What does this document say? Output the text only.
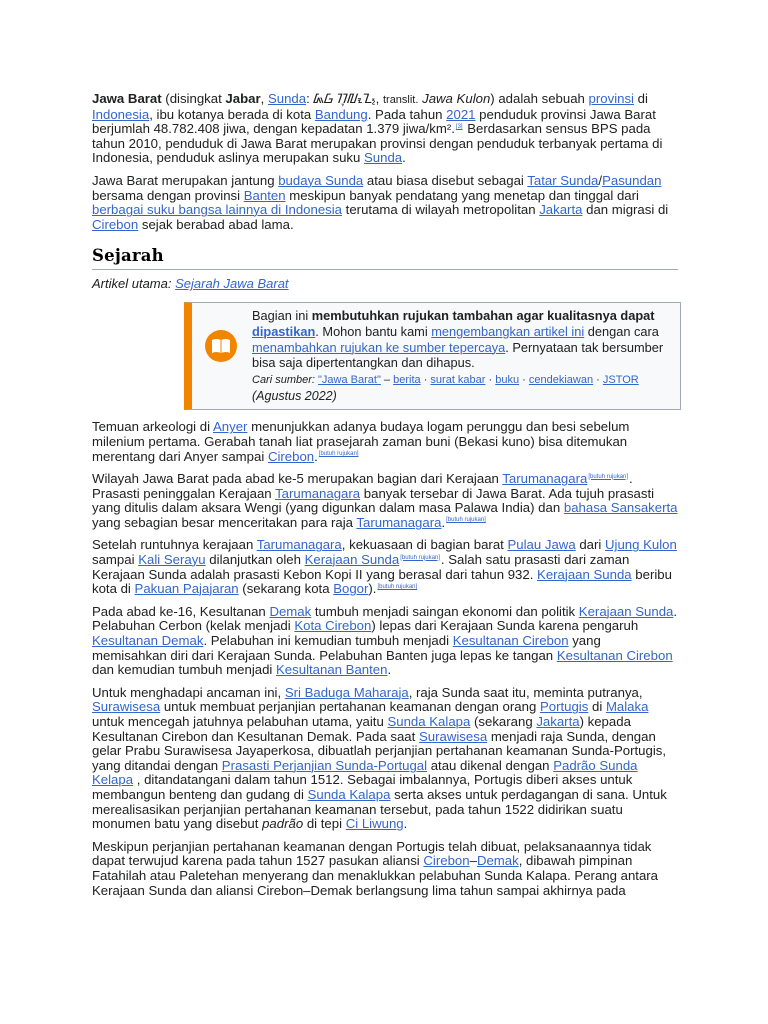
Jawa Barat (disingkat Jabar, Sunda: ᮏᮝ ᮊᮥᮜᮧᮔ᮪, translit. Jawa Kulon) adalah sebuah provinsi di Indonesia, ibu kotanya berada di kota Bandung. Pada tahun 2021 penduduk provinsi Jawa Barat berjumlah 48.782.408 jiwa, dengan kepadatan 1.379 jiwa/km².[3] Berdasarkan sensus BPS pada tahun 2010, penduduk di Jawa Barat merupakan provinsi dengan penduduk terbanyak pertama di Indonesia, penduduk aslinya merupakan suku Sunda.

Jawa Barat merupakan jantung budaya Sunda atau biasa disebut sebagai Tatar Sunda/Pasundan bersama dengan provinsi Banten meskipun banyak pendatang yang menetap dan tinggal dari berbagai suku bangsa lainnya di Indonesia terutama di wilayah metropolitan Jakarta dan migrasi di Cirebon sejak berabad abad lama.

Sejarah
Artikel utama: Sejarah Jawa Barat
Bagian ini membutuhkan rujukan tambahan agar kualitasnya dapat dipastikan. Mohon bantu kami mengembangkan artikel ini dengan cara menambahkan rujukan ke sumber tepercaya. Pernyataan tak bersumber bisa saja dipertentangkan dan dihapus.
Cari sumber: "Jawa Barat" – berita · surat kabar · buku · cendekiawan · JSTOR (Agustus 2022)

Temuan arkeologi di Anyer menunjukkan adanya budaya logam perunggu dan besi sebelum milenium pertama. Gerabah tanah liat prasejarah zaman buni (Bekasi kuno) bisa ditemukan merentang dari Anyer sampai Cirebon.[butuh rujukan]

Wilayah Jawa Barat pada abad ke-5 merupakan bagian dari Kerajaan Tarumanagara[butuh rujukan]. Prasasti peninggalan Kerajaan Tarumanagara banyak tersebar di Jawa Barat. Ada tujuh prasasti yang ditulis dalam aksara Wengi (yang digunkan dalam masa Palawa India) dan bahasa Sansakerta yang sebagian besar menceritakan para raja Tarumanagara.[butuh rujukan]

Setelah runtuhnya kerajaan Tarumanagara, kekuasaan di bagian barat Pulau Jawa dari Ujung Kulon sampai Kali Serayu dilanjutkan oleh Kerajaan Sunda[butuh rujukan]. Salah satu prasasti dari zaman Kerajaan Sunda adalah prasasti Kebon Kopi II yang berasal dari tahun 932. Kerajaan Sunda beribu kota di Pakuan Pajajaran (sekarang kota Bogor).[butuh rujukan]

Pada abad ke-16, Kesultanan Demak tumbuh menjadi saingan ekonomi dan politik Kerajaan Sunda. Pelabuhan Cerbon (kelak menjadi Kota Cirebon) lepas dari Kerajaan Sunda karena pengaruh Kesultanan Demak. Pelabuhan ini kemudian tumbuh menjadi Kesultanan Cirebon yang memisahkan diri dari Kerajaan Sunda. Pelabuhan Banten juga lepas ke tangan Kesultanan Cirebon dan kemudian tumbuh menjadi Kesultanan Banten.

Untuk menghadapi ancaman ini, Sri Baduga Maharaja, raja Sunda saat itu, meminta putranya, Surawisesa untuk membuat perjanjian pertahanan keamanan dengan orang Portugis di Malaka untuk mencegah jatuhnya pelabuhan utama, yaitu Sunda Kalapa (sekarang Jakarta) kepada Kesultanan Cirebon dan Kesultanan Demak. Pada saat Surawisesa menjadi raja Sunda, dengan gelar Prabu Surawisesa Jayaperkosa, dibuatlah perjanjian pertahanan keamanan Sunda-Portugis, yang ditandai dengan Prasasti Perjanjian Sunda-Portugal atau dikenal dengan Padrão Sunda Kelapa , ditandatangani dalam tahun 1512. Sebagai imbalannya, Portugis diberi akses untuk membangun benteng dan gudang di Sunda Kalapa serta akses untuk perdagangan di sana. Untuk merealisasikan perjanjian pertahanan keamanan tersebut, pada tahun 1522 didirikan suatu monumen batu yang disebut padrão di tepi Ci Liwung.

Meskipun perjanjian pertahanan keamanan dengan Portugis telah dibuat, pelaksanaannya tidak dapat terwujud karena pada tahun 1527 pasukan aliansi Cirebon–Demak, dibawah pimpinan Fatahilah atau Paletehan menyerang dan menaklukkan pelabuhan Sunda Kalapa. Perang antara Kerajaan Sunda dan aliansi Cirebon–Demak berlangsung lima tahun sampai akhirnya pada
